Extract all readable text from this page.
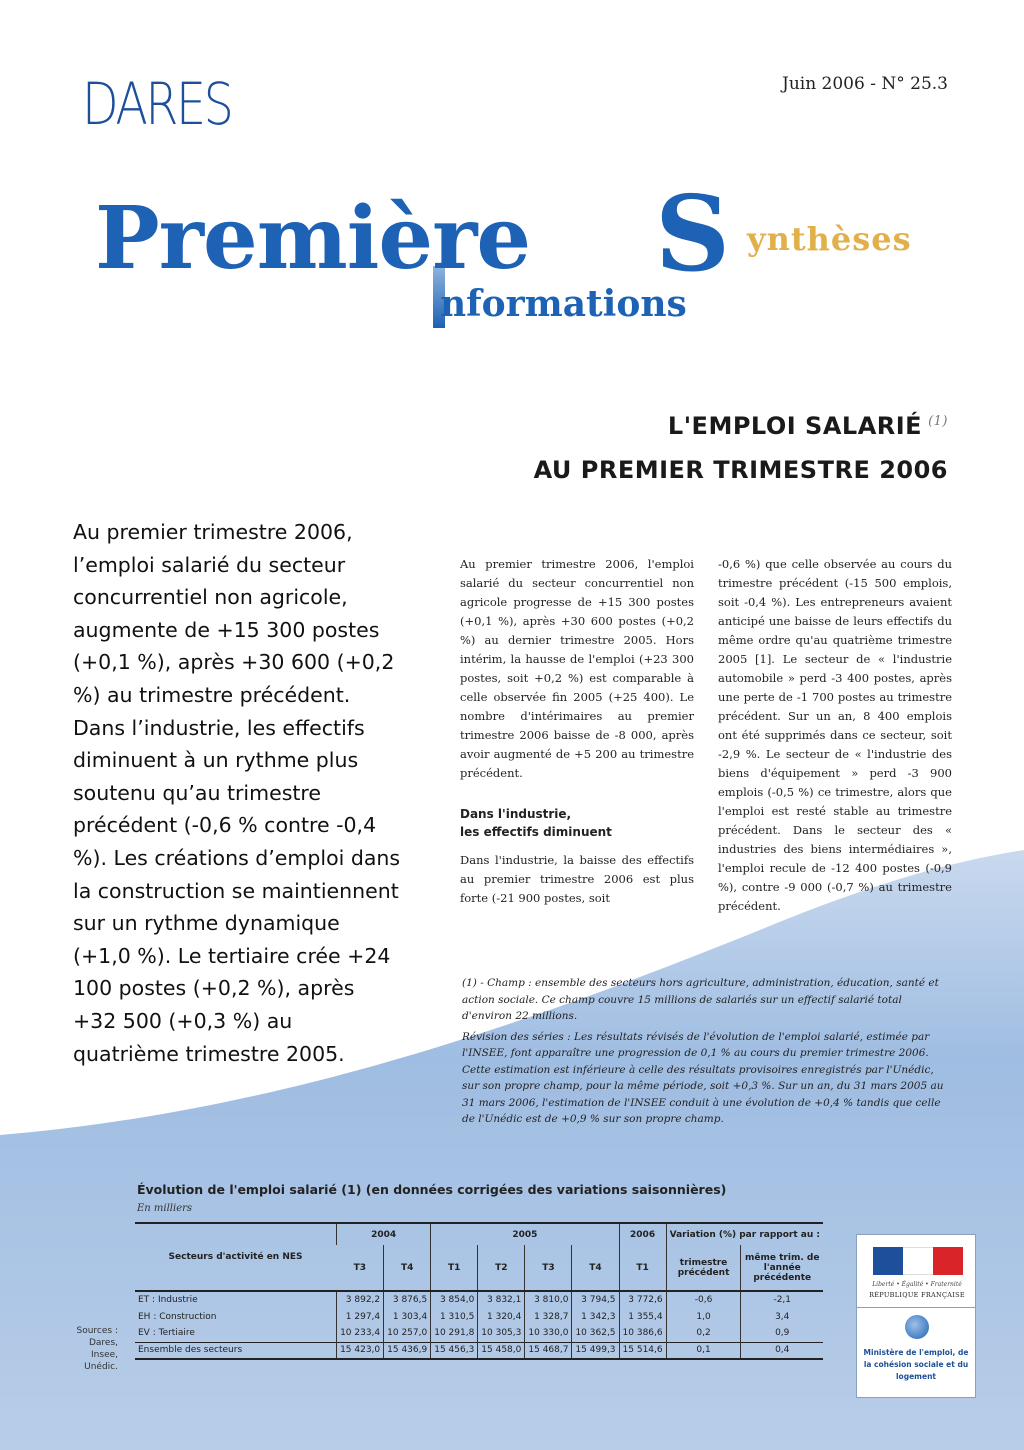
DARES	Juin 2006 - N° 25.3
Première S ynthèses
nformations
L'EMPLOI SALARIÉ $^{(1)}$
AU PREMIER TRIMESTRE 2006
Au premier trimestre 2006, l’emploi salarié du secteur concurrentiel non agricole, augmente de +15 300 postes (+0,1 %), après +30 600 (+0,2 %) au trimestre précédent. Dans l’industrie, les effectifs diminuent à un rythme plus soutenu qu’au trimestre précédent (-0,6 % contre -0,4 %). Les créations d’emploi dans la construction se maintiennent sur un rythme dynamique (+1,0 %). Le tertiaire crée +24 100 postes (+0,2 %), après +32 500 (+0,3 %) au quatrième trimestre 2005.

Au premier trimestre 2006, l'emploi salarié du secteur concurrentiel non agricole progresse de +15 300 postes (+0,1 %), après +30 600 postes (+0,2 %) au dernier trimestre 2005. Hors intérim, la hausse de l'emploi (+23 300 postes, soit +0,2 %) est comparable à celle observée fin 2005 (+25 400). Le nombre d'intérimaires au premier trimestre 2006 baisse de -8 000, après avoir augmenté de +5 200 au trimestre précédent.

Dans l'industrie,
les effectifs diminuent

Dans l'industrie, la baisse des effectifs au premier trimestre 2006 est plus forte (-21 900 postes, soit

-0,6 %) que celle observée au cours du trimestre précédent (-15 500 emplois, soit -0,4 %). Les entrepreneurs avaient anticipé une baisse de leurs effectifs du même ordre qu'au quatrième trimestre 2005 [1]. Le secteur de « l'industrie automobile » perd -3 400 postes, après une perte de -1 700 postes au trimestre précédent. Sur un an, 8 400 emplois ont été supprimés dans ce secteur, soit -2,9 %. Le secteur de « l'industrie des biens d'équipement » perd -3 900 emplois (-0,5 %) ce trimestre, alors que l'emploi est resté stable au trimestre précédent. Dans le secteur des « industries des biens intermédiaires », l'emploi recule de -12 400 postes (-0,9 %), contre -9 000 (-0,7 %) au trimestre précédent.

(1) - Champ : ensemble des secteurs hors agriculture, administration, éducation, santé et action sociale. Ce champ couvre 15 millions de salariés sur un effectif salarié total d'environ 22 millions.

Révision des séries : Les résultats révisés de l'évolution de l'emploi salarié, estimée par l'INSEE, font apparaître une progression de 0,1 % au cours du premier trimestre 2006. Cette estimation est inférieure à celle des résultats provisoires enregistrés par l'Unédic, sur son propre champ, pour la même période, soit +0,3 %. Sur un an, du 31 mars 2005 au 31 mars 2006, l'estimation de l'INSEE conduit à une évolution de +0,4 % tandis que celle de l'Unédic est de +0,9 % sur son propre champ.

Évolution de l'emploi salarié (1) (en données corrigées des variations saisonnières)
En milliers
Sources : Dares, Insee, Unédic.
Secteurs d'activité en NES	2004		2005				2006	Variation (%) par rapport au :	
	T3	T4	T1	T2	T3	T4	T1	trimestre précédent	même trim. de l'année précédente
ET : Industrie	3 892,2	3 876,5	3 854,0	3 832,1	3 810,0	3 794,5	3 772,6	-0,6	-2,1
EH : Construction	1 297,4	1 303,4	1 310,5	1 320,4	1 328,7	1 342,3	1 355,4	1,0	3,4
EV : Tertiaire	10 233,4	10 257,0	10 291,8	10 305,3	10 330,0	10 362,5	10 386,6	0,2	0,9
Ensemble des secteurs	15 423,0	15 436,9	15 456,3	15 458,0	15 468,7	15 499,3	15 514,6	0,1	0,4
Liberté • Égalité • Fraternité
RÉPUBLIQUE FRANÇAISE
Ministère de l'emploi, de la cohésion sociale et du logement
